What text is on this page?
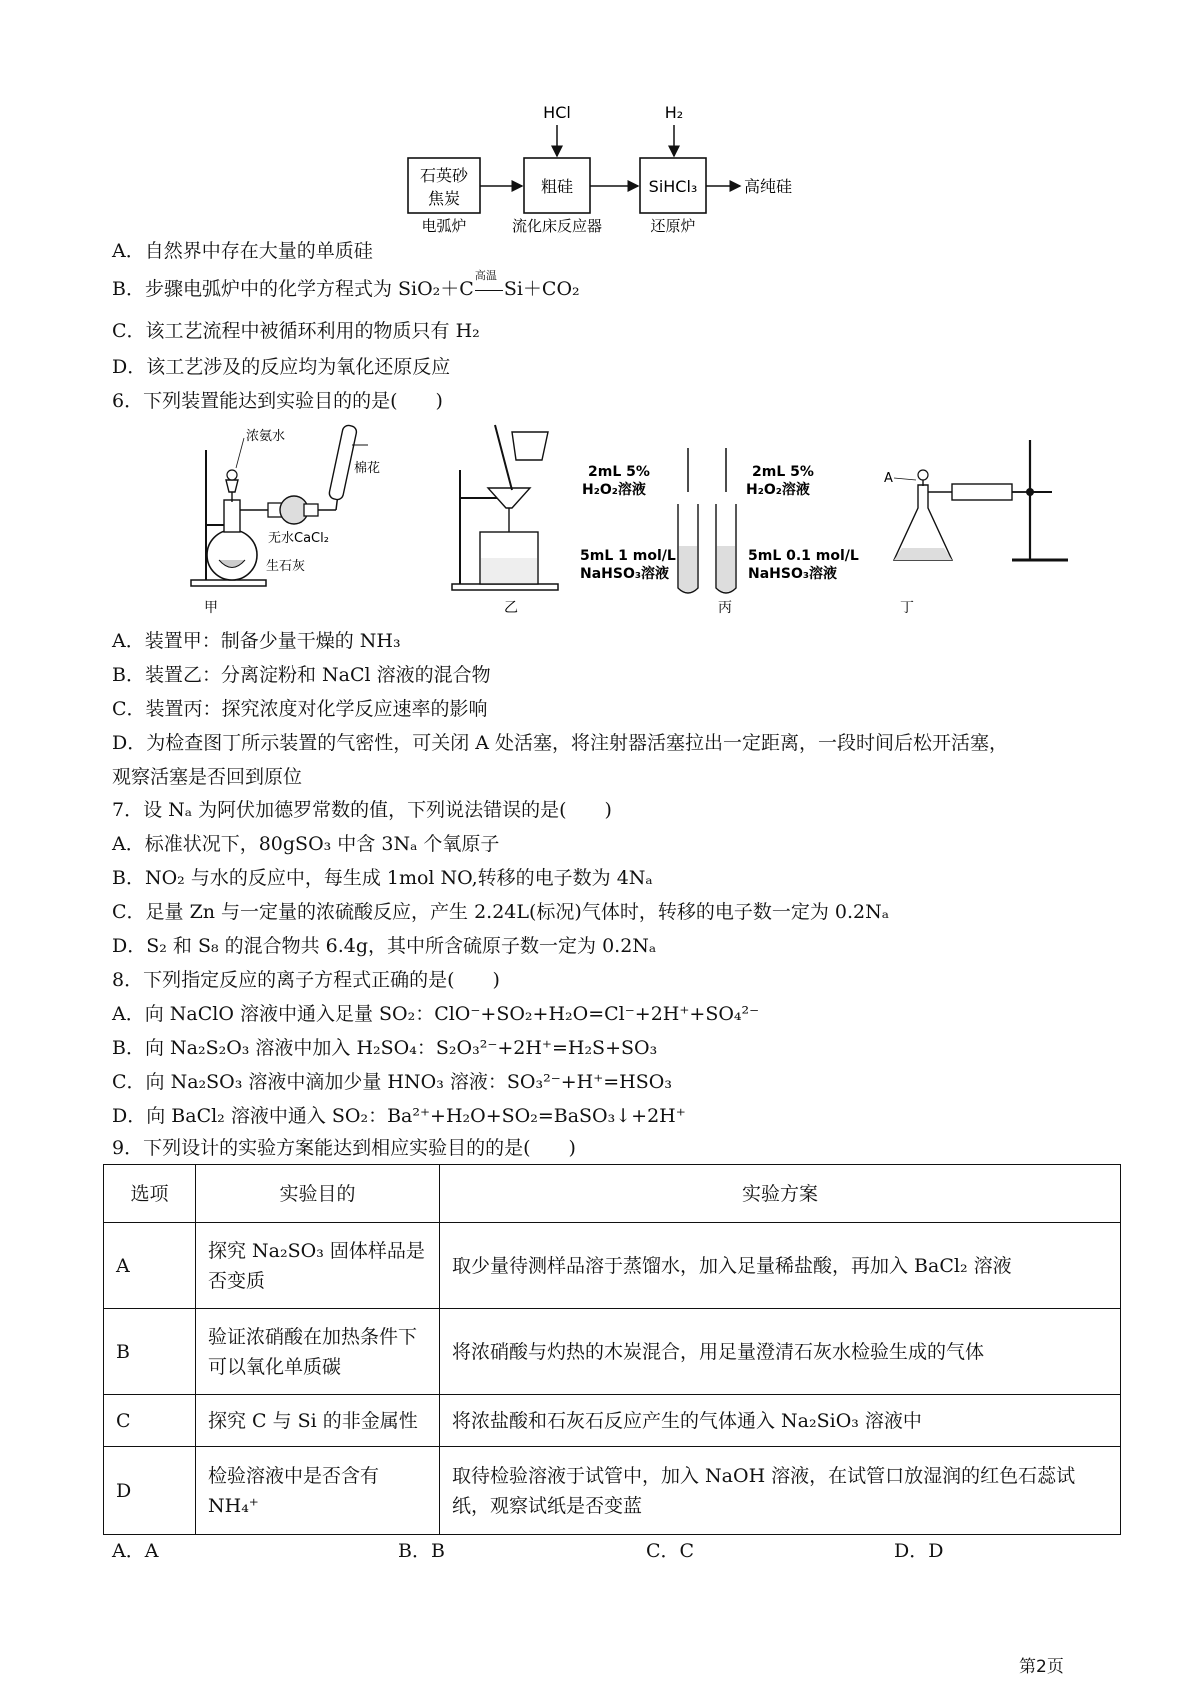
HCl	H₂
石英砂
焦炭
粗硅	SiHCl₃	高纯硅
电弧炉	流化床反应器	还原炉
A．自然界中存在大量的单质硅
B．步骤电弧炉中的化学方程式为 SiO₂＋C
高温
Si＋CO₂
C．该工艺流程中被循环利用的物质只有 H₂
D．该工艺涉及的反应均为氧化还原反应
6．下列装置能达到实验目的的是(　　)
浓氨水
棉花
无水CaCl₂
生石灰
甲	乙
2mL 5%
H₂O₂溶液
2mL 5%
H₂O₂溶液
5mL 1 mol/L
NaHSO₃溶液
5mL 0.1 mol/L
NaHSO₃溶液
丙
A
丁
A．装置甲：制备少量干燥的 NH₃
B．装置乙：分离淀粉和 NaCl 溶液的混合物
C．装置丙：探究浓度对化学反应速率的影响
D．为检查图丁所示装置的气密性，可关闭 A 处活塞，将注射器活塞拉出一定距离，一段时间后松开活塞，
观察活塞是否回到原位
7．设 Nₐ 为阿伏加德罗常数的值，下列说法错误的是(　　)
A．标准状况下，80gSO₃ 中含 3Nₐ 个氧原子
B．NO₂ 与水的反应中，每生成 1mol NO,转移的电子数为 4Nₐ
C．足量 Zn 与一定量的浓硫酸反应，产生 2.24L(标况)气体时，转移的电子数一定为 0.2Nₐ
D．S₂ 和 S₈ 的混合物共 6.4g，其中所含硫原子数一定为 0.2Nₐ
8．下列指定反应的离子方程式正确的是(　　)
A．向 NaClO 溶液中通入足量 SO₂：ClO⁻+SO₂+H₂O=Cl⁻+2H⁺+SO₄²⁻
B．向 Na₂S₂O₃ 溶液中加入 H₂SO₄：S₂O₃²⁻+2H⁺=H₂S+SO₃
C．向 Na₂SO₃ 溶液中滴加少量 HNO₃ 溶液：SO₃²⁻+H⁺=HSO₃
D．向 BaCl₂ 溶液中通入 SO₂：Ba²⁺+H₂O+SO₂=BaSO₃↓+2H⁺
9．下列设计的实验方案能达到相应实验目的的是(　　)
选项	实验目的	实验方案
A	探究 Na₂SO₃ 固体样品是否变质	取少量待测样品溶于蒸馏水，加入足量稀盐酸，再加入 BaCl₂ 溶液
B	验证浓硝酸在加热条件下可以氧化单质碳	将浓硝酸与灼热的木炭混合，用足量澄清石灰水检验生成的气体
C	探究 C 与 Si 的非金属性	将浓盐酸和石灰石反应产生的气体通入 Na₂SiO₃ 溶液中
D	检验溶液中是否含有 NH₄⁺	取待检验溶液于试管中，加入 NaOH 溶液，在试管口放湿润的红色石蕊试纸，观察试纸是否变蓝
A．A	B．B	C．C	D．D
第2页
